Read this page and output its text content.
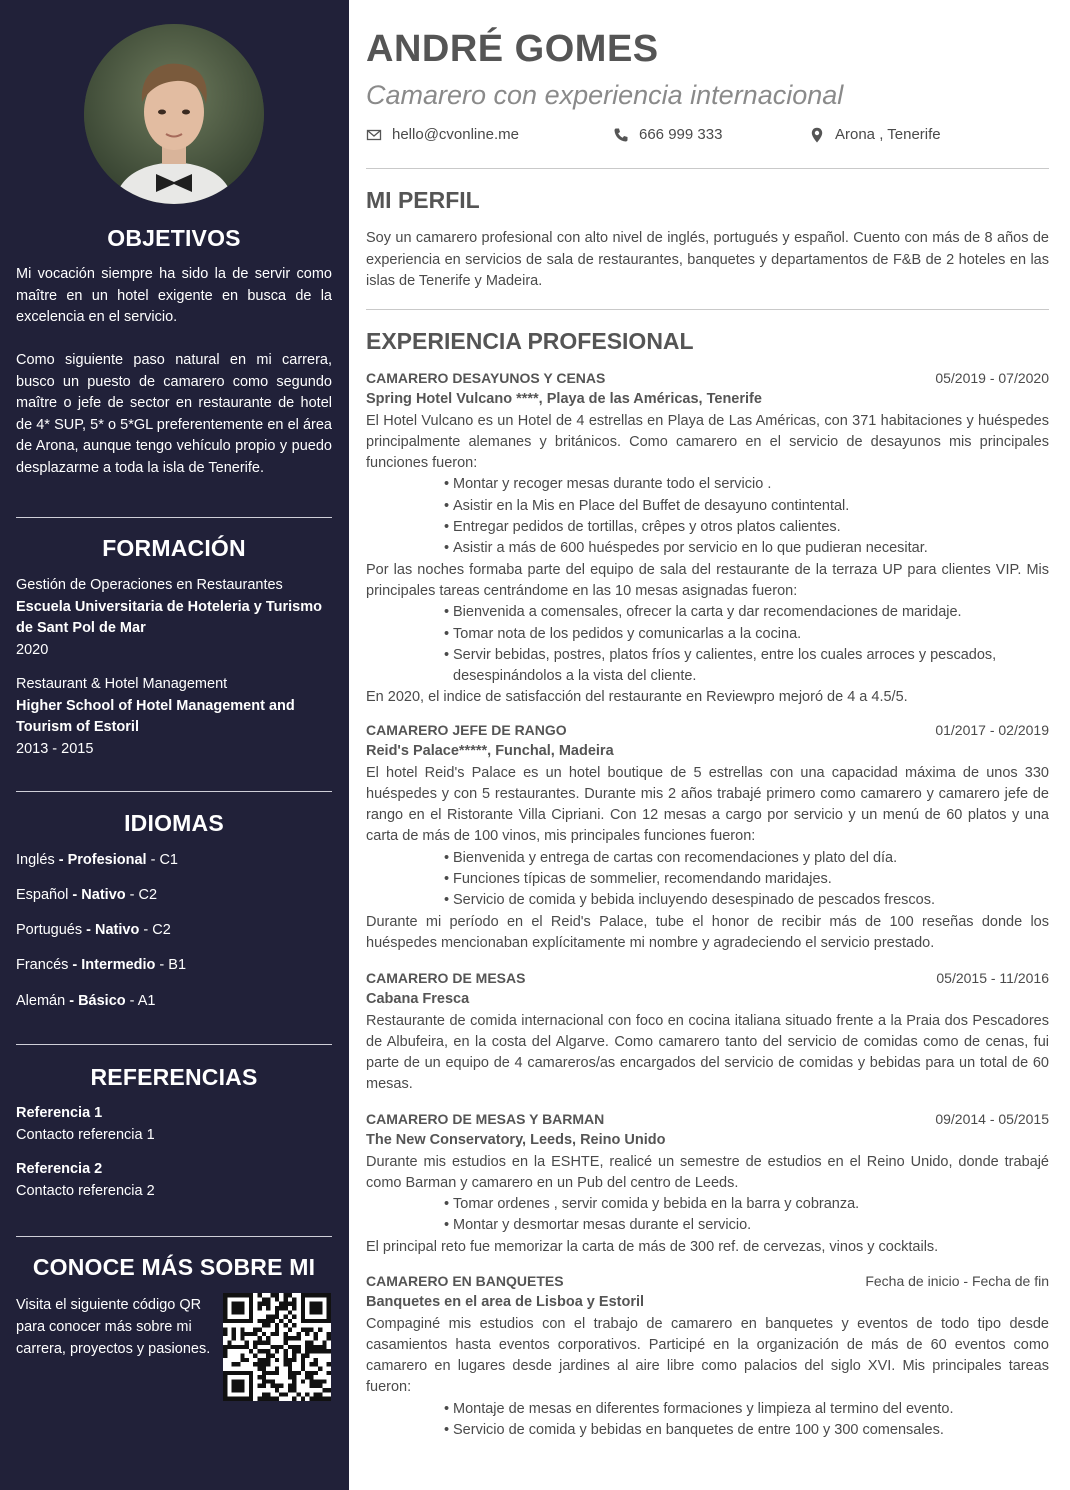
OBJETIVOS

Mi vocación siempre ha sido la de servir como maître en un hotel exigente en busca de la excelencia en el servicio.

Como siguiente paso natural en mi carrera, busco un puesto de camarero como segundo maître o jefe de sector en restaurante de hotel de 4* SUP, 5* o 5*GL preferentemente en el área de Arona, aunque tengo vehículo propio y puedo desplazarme a toda la isla de Tenerife.

FORMACIÓN
Gestión de Operaciones en Restaurantes
Escuela Universitaria de Hoteleria y Turismo de Sant Pol de Mar
2020
Restaurant & Hotel Management
Higher School of Hotel Management and Tourism of Estoril
2013 - 2015
IDIOMAS
Inglés - Profesional - C1
Español - Nativo - C2
Portugués - Nativo - C2
Francés - Intermedio - B1
Alemán - Básico - A1
REFERENCIAS
Referencia 1
Contacto referencia 1
Referencia 2
Contacto referencia 2
CONOCE MÁS SOBRE MI

Visita el siguiente código QR para conocer más sobre mi carrera, proyectos y pasiones.

ANDRÉ GOMES
Camarero con experiencia internacional
hello@cvonline.me	666 999 333	Arona , Tenerife
MI PERFIL

Soy un camarero profesional con alto nivel de inglés, portugués y español. Cuento con más de 8 años de experiencia en servicios de sala de restaurantes, banquetes y departamentos de F&B de 2 hoteles en las islas de Tenerife y Madeira.

EXPERIENCIA PROFESIONAL
CAMARERO DESAYUNOS Y CENAS	05/2019 - 07/2020
Spring Hotel Vulcano ****, Playa de las Américas, Tenerife

El Hotel Vulcano es un Hotel de 4 estrellas en Playa de Las Américas, con 371 habitaciones y huéspedes principalmente alemanes y británicos. Como camarero en el servicio de desayunos mis principales funciones fueron:

• Montar y recoger mesas durante todo el servicio .
• Asistir en la Mis en Place del Buffet de desayuno contintental.
• Entregar pedidos de tortillas, crêpes y otros platos calientes.
• Asistir a más de 600 huéspedes por servicio en lo que pudieran necesitar.

Por las noches formaba parte del equipo de sala del restaurante de la terraza UP para clientes VIP. Mis principales tareas centrándome en las 10 mesas asignadas fueron:

• Bienvenida a comensales, ofrecer la carta y dar recomendaciones de maridaje.
• Tomar nota de los pedidos y comunicarlas a la cocina.
• Servir bebidas, postres, platos fríos y calientes, entre los cuales arroces y pescados, desespinándolos a la vista del cliente.

En 2020, el indice de satisfacción del restaurante en Reviewpro mejoró de 4 a 4.5/5.

CAMARERO JEFE DE RANGO	01/2017 - 02/2019
Reid's Palace*****, Funchal, Madeira

El hotel Reid's Palace es un hotel boutique de 5 estrellas con una capacidad máxima de unos 330 huéspedes y con 5 restaurantes. Durante mis 2 años trabajé primero como camarero y camarero jefe de rango en el Ristorante Villa Cipriani. Con 12 mesas a cargo por servicio y un menú de 60 platos y una carta de más de 100 vinos, mis principales funciones fueron:

• Bienvenida y entrega de cartas con recomendaciones y plato del día.
• Funciones típicas de sommelier, recomendando maridajes.
• Servicio de comida y bebida incluyendo desespinado de pescados frescos.

Durante mi período en el Reid's Palace, tube el honor de recibir más de 100 reseñas donde los huéspedes mencionaban explícitamente mi nombre y agradeciendo el servicio prestado.

CAMARERO DE MESAS	05/2015 - 11/2016
Cabana Fresca

Restaurante de comida internacional con foco en cocina italiana situado frente a la Praia dos Pescadores de Albufeira, en la costa del Algarve. Como camarero tanto del servicio de comidas como de cenas, fui parte de un equipo de 4 camareros/as encargados del servicio de comidas y bebidas para un total de 60 mesas.

CAMARERO DE MESAS Y BARMAN	09/2014 - 05/2015
The New Conservatory, Leeds, Reino Unido

Durante mis estudios en la ESHTE, realicé un semestre de estudios en el Reino Unido, donde trabajé como Barman y camarero en un Pub del centro de Leeds.

• Tomar ordenes , servir comida y bebida en la barra y cobranza.
• Montar y desmortar mesas durante el servicio.

El principal reto fue memorizar la carta de más de 300 ref. de cervezas, vinos y cocktails.

CAMARERO EN BANQUETES	Fecha de inicio - Fecha de fin
Banquetes en el area de Lisboa y Estoril

Compaginé mis estudios con el trabajo de camarero en banquetes y eventos de todo tipo desde casamientos hasta eventos corporativos. Participé en la organización de más de 60 eventos como camarero en lugares desde jardines al aire libre como palacios del siglo XVI. Mis principales tareas fueron:

• Montaje de mesas en diferentes formaciones y limpieza al termino del evento.
• Servicio de comida y bebidas en banquetes de entre 100 y 300 comensales.
